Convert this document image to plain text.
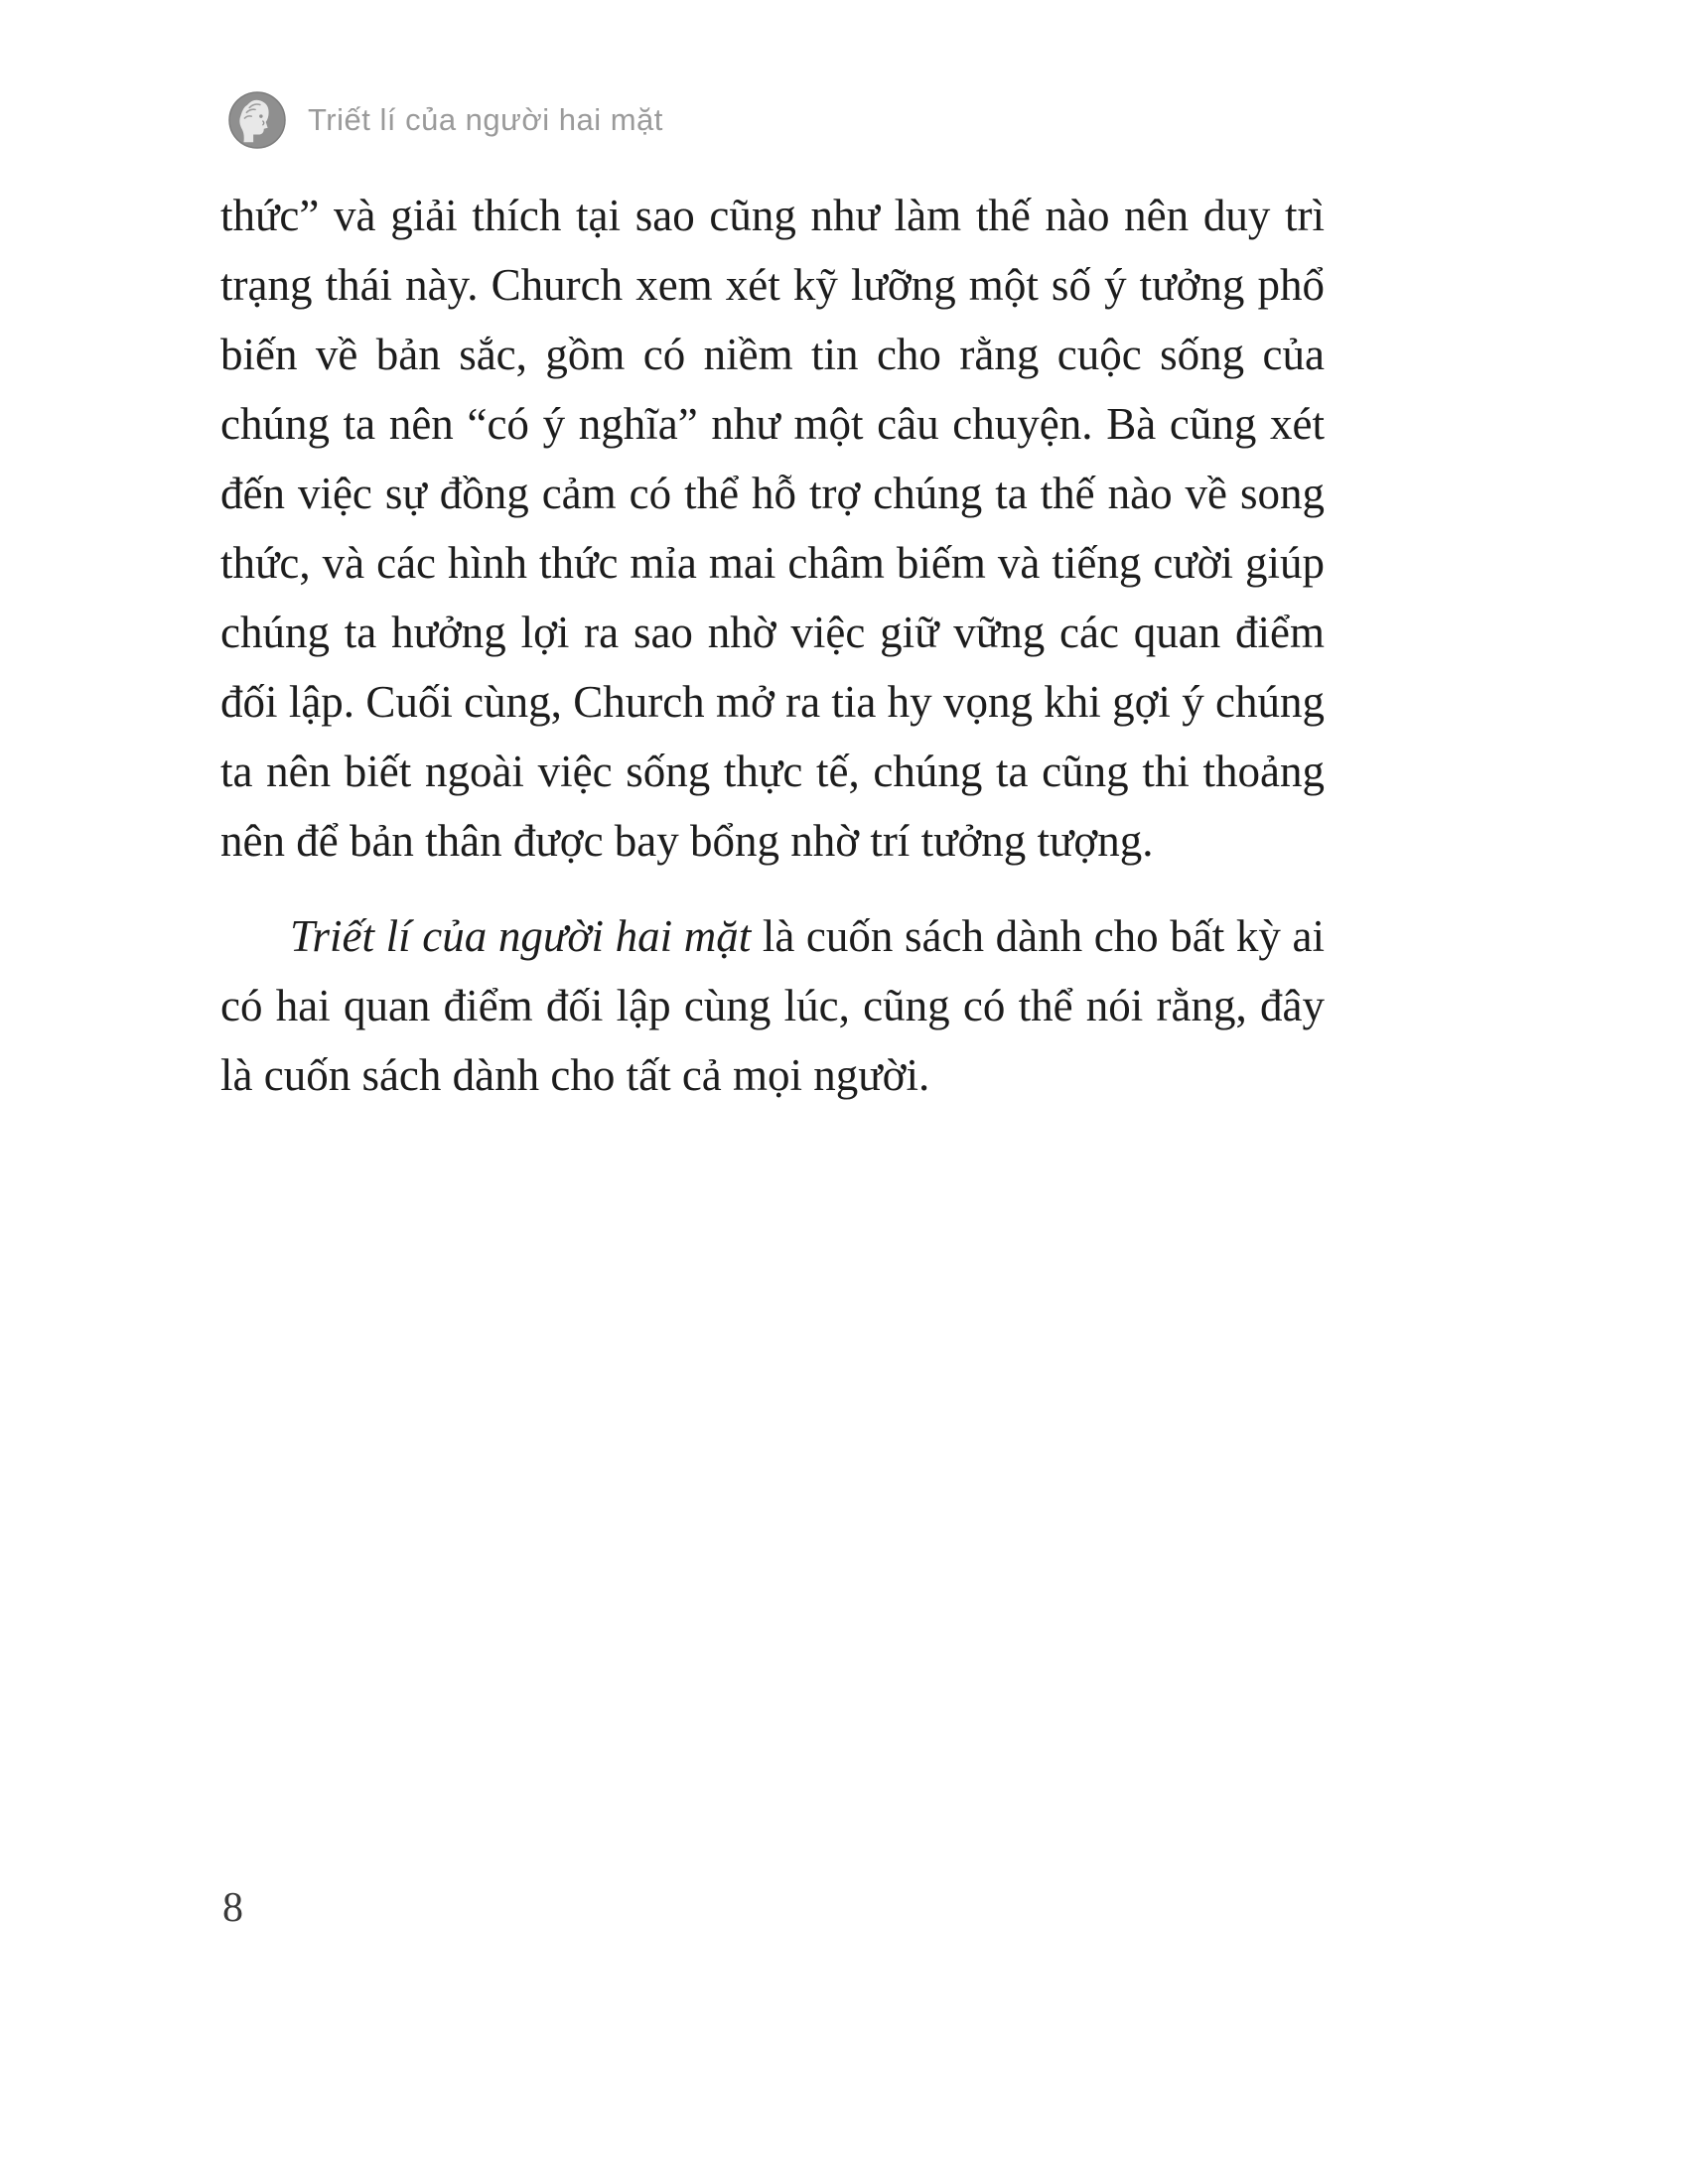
Triết lí của người hai mặt

thức” và giải thích tại sao cũng như làm thế nào nên duy trì trạng thái này. Church xem xét kỹ lưỡng một số ý tưởng phổ biến về bản sắc, gồm có niềm tin cho rằng cuộc sống của chúng ta nên “có ý nghĩa” như một câu chuyện. Bà cũng xét đến việc sự đồng cảm có thể hỗ trợ chúng ta thế nào về song thức, và các hình thức mỉa mai châm biếm và tiếng cười giúp chúng ta hưởng lợi ra sao nhờ việc giữ vững các quan điểm đối lập. Cuối cùng, Church mở ra tia hy vọng khi gợi ý chúng ta nên biết ngoài việc sống thực tế, chúng ta cũng thi thoảng nên để bản thân được bay bổng nhờ trí tưởng tượng.

Triết lí của người hai mặt là cuốn sách dành cho bất kỳ ai có hai quan điểm đối lập cùng lúc, cũng có thể nói rằng, đây là cuốn sách dành cho tất cả mọi người.

8
